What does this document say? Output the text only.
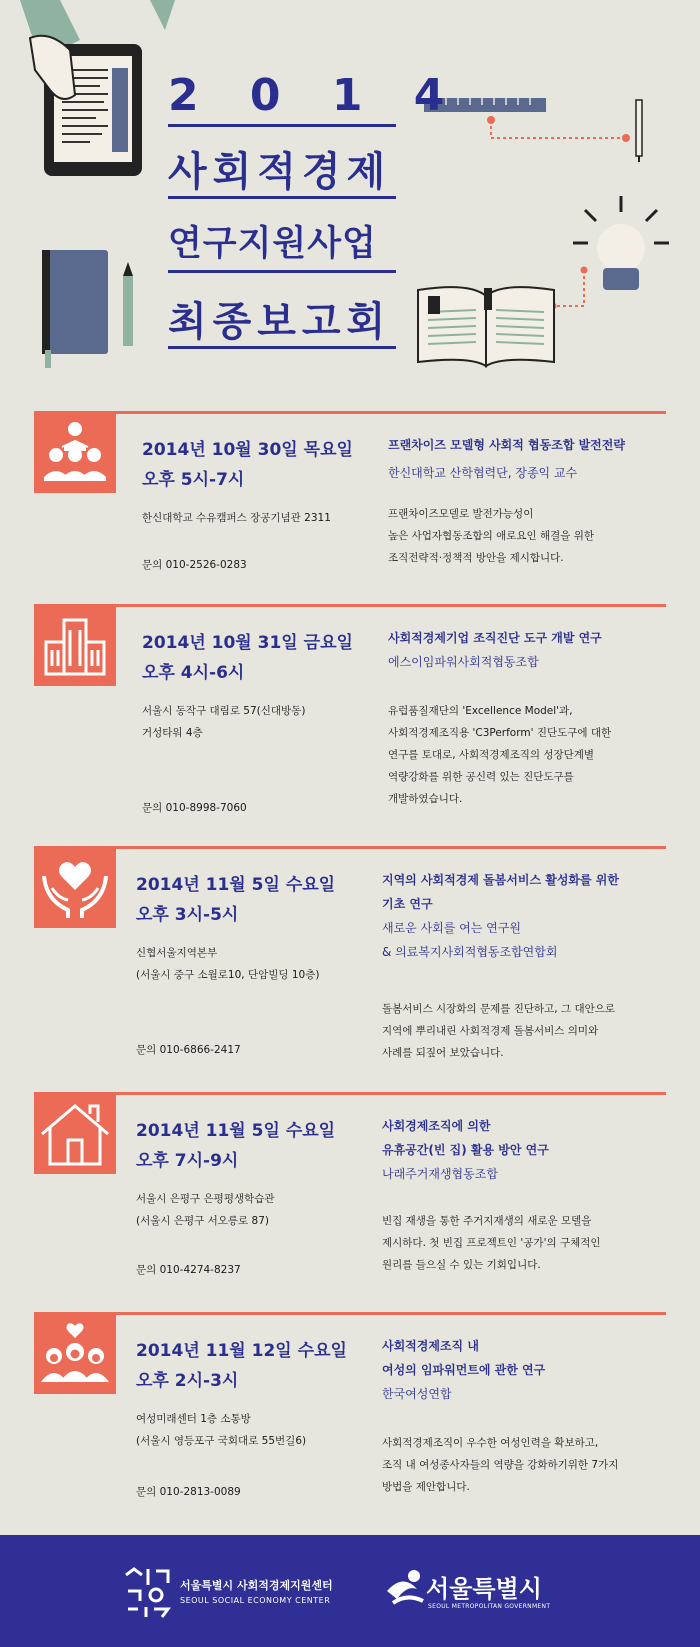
2 0 1 4
사회적경제
연구지원사업
최종보고회
2014년 10월 30일 목요일
오후 5시-7시
한신대학교 수유캠퍼스 장공기념관 2311
문의 010-2526-0283
프랜차이즈 모델형 사회적 협동조합 발전전략
한신대학교 산학협력단, 장종익 교수
프랜차이즈모델로 발전가능성이
높은 사업자협동조합의 애로요인 해결을 위한
조직전략적·정책적 방안을 제시합니다.
2014년 10월 31일 금요일
오후 4시-6시
서울시 동작구 대림로 57(신대방동)
거성타워 4층
문의 010-8998-7060
사회적경제기업 조직진단 도구 개발 연구
에스이임파워사회적협동조합
유럽품질재단의 'Excellence Model'과,
사회적경제조직용 'C3Perform' 진단도구에 대한
연구를 토대로, 사회적경제조직의 성장단계별
역량강화를 위한 공신력 있는 진단도구를
개발하였습니다.
2014년 11월 5일 수요일
오후 3시-5시
신협서울지역본부
(서울시 중구 소월로10, 단암빌딩 10층)
문의 010-6866-2417
지역의 사회적경제 돌봄서비스 활성화를 위한
기초 연구
새로운 사회를 여는 연구원
& 의료복지사회적협동조합연합회
돌봄서비스 시장화의 문제를 진단하고, 그 대안으로
지역에 뿌리내린 사회적경제 돌봄서비스 의미와
사례를 되짚어 보았습니다.
2014년 11월 5일 수요일
오후 7시-9시
서울시 은평구 은평평생학습관
(서울시 은평구 서오릉로 87)
문의 010-4274-8237
사회경제조직에 의한
유휴공간(빈 집) 활용 방안 연구
나래주거재생협동조합
빈집 재생을 통한 주거지재생의 새로운 모델을
제시하다. 첫 빈집 프로젝트인 '공가'의 구체적인
원리를 들으실 수 있는 기회입니다.
2014년 11월 12일 수요일
오후 2시-3시
여성미래센터 1층 소통방
(서울시 영등포구 국회대로 55번길6)
문의 010-2813-0089
사회적경제조직 내
여성의 임파워먼트에 관한 연구
한국여성연합
사회적경제조직이 우수한 여성인력을 확보하고,
조직 내 여성종사자들의 역량을 강화하기위한 7가지
방법을 제안합니다.
서울특별시 사회적경제지원센터
SEOUL SOCIAL ECONOMY CENTER	서울특별시
SEOUL METROPOLITAN GOVERNMENT
